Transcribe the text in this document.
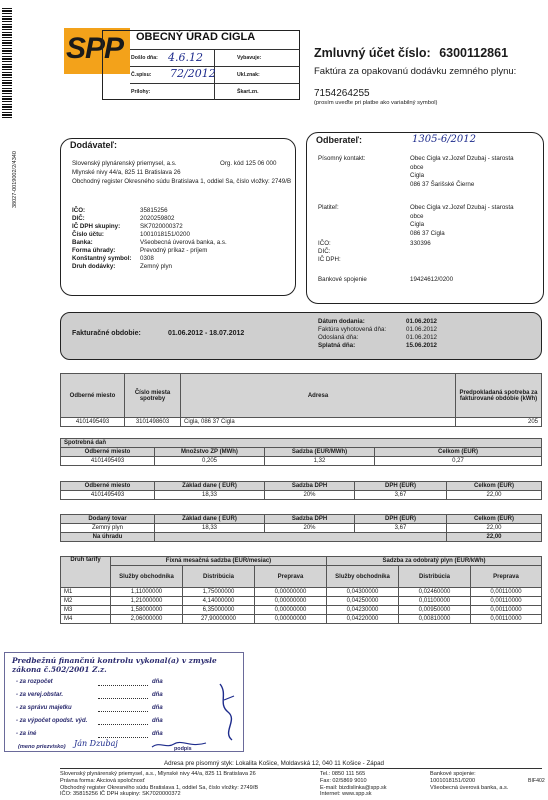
38027-0019002/2/4340
SPP OBECNÝ ÚRAD CIGLA
Došlo dňa: 4.6.12	Vybavuje:
Č.spisu: 72/2012	Ukl.znak:
Prílohy:	Škart.zn.
Zmluvný účet číslo: 6300112861
Faktúra za opakovanú dodávku zemného plynu:
7154264255
(prosím uveďte pri platbe ako variabilný symbol)
Dodávateľ:
Slovenský plynárenský priemysel, a.s.	Org. kód 125 06 000
Mlynské nivy 44/a, 825 11 Bratislava 26
Obchodný register Okresného súdu Bratislava 1, oddiel Sa, číslo vložky: 2749/B
IČO:	35815256
DIČ:	2020259802
IČ DPH skupiny:	SK7020000372
Číslo účtu:	1001018151/0200
Banka:	Všeobecná úverová banka, a.s.
Forma úhrady:	Prevodný príkaz - príjem
Konštantný symbol:	0308
Druh dodávky:	Zemný plyn
Odberateľ:	1305-6/2012
Písomný kontakt:	Obec Cigla vz.Jozef Dzubaj - starosta
obce
Cigla
086 37 Šarišské Čierne
Platiteľ:	Obec Cigla vz.Jozef Dzubaj - starosta
obce
Cigla
086 37 Cigla
IČO:	330396
DIČ:
IČ DPH:
Bankové spojenie	19424612/0200
Fakturačné obdobie:	01.06.2012 - 18.07.2012
Dátum dodania:	01.06.2012
Faktúra vyhotovená dňa:	01.06.2012
Odoslaná dňa:	01.06.2012
Splatná dňa:	15.06.2012
Odberné miesto	Číslo miesta spotreby	Adresa	Predpokladaná spotreba za fakturované obdobie (kWh)
4101495493	3101498603	Cigla, 086 37 Cigla	205
Spotrebná daň			
Odberné miesto	Množstvo ZP (MWh)	Sadzba (EUR/MWh)	Celkom (EUR)
4101495493	0,205	1,32	0,27
Odberné miesto	Základ dane ( EUR)	Sadzba DPH	DPH (EUR)	Celkom (EUR)
4101495493	18,33	20%	3,67	22,00
Dodaný tovar	Základ dane ( EUR)	Sadzba DPH	DPH (EUR)	Celkom (EUR)
Zemný plyn	18,33	20%	3,67	22,00
Na úhradu				22,00
Druh tarify	Fixná mesačná sadzba (EUR/mesiac)			Sadzba za odobratý plyn (EUR/kWh)		
	Služby obchodníka	Distribúcia	Preprava	Služby obchodníka	Distribúcia	Preprava
M1	1,11000000	1,75000000	0,00000000	0,04300000	0,02460000	0,00110000
M2	1,21000000	4,14000000	0,00000000	0,04250000	0,01100000	0,00110000
M3	1,58000000	6,35000000	0,00000000	0,04230000	0,00950000	0,00110000
M4	2,06000000	27,90000000	0,00000000	0,04220000	0,00810000	0,00110000
Predbežnú finančnú kontrolu vykonal(a) v zmysle zákona č.502/2001 Z.z.
- za rozpočet	dňa
- za verej.obstar.	dňa
- za správu majetku	dňa
- za výpočet opodst. výd.	dňa
- za iné	dňa
(meno priezvisko) Ján Dzubaj
podpis
Adresa pre písomný styk: Lokalita Košice, Moldavská 12, 040 11 Košice - Západ
Slovenský plynárenský priemysel, a.s., Mlynské nivy 44/a, 825 11 Bratislava 26
Právna forma: Akciová spoločnosť
Obchodný register Okresného súdu Bratislava 1, oddiel Sa, číslo vložky: 2749/B
IČO: 35815256 IČ DPH skupiny: SK7020000372
Tel.: 0850 111 565
Fax: 02/5869 9010
E-mail: bizdislinka@spp.sk
Internet: www.spp.sk
Bankové spojenie:
1001018151/0200
Všeobecná úverová banka, a.s.
BIF402
